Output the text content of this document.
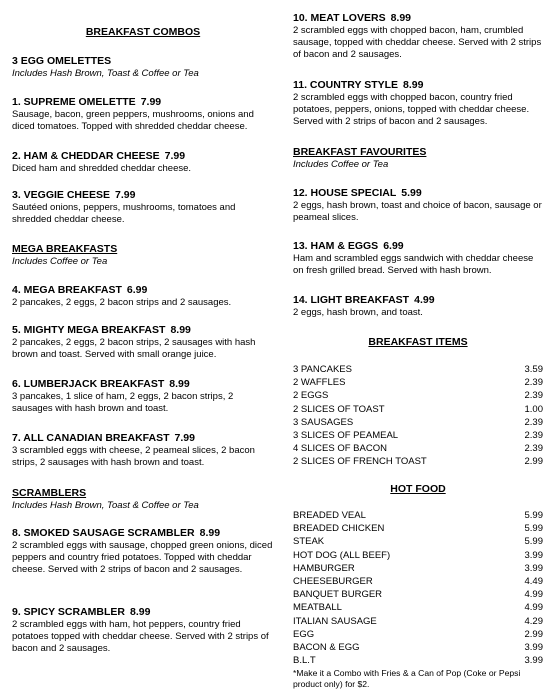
BREAKFAST COMBOS
3 EGG OMELETTES
Includes Hash Brown, Toast & Coffee or Tea
1. SUPREME OMELETTE 7.99
Sausage, bacon, green peppers, mushrooms, onions and diced tomatoes. Topped with shredded cheddar cheese.
2. HAM & CHEDDAR CHEESE 7.99
Diced ham and shredded cheddar cheese.
3. VEGGIE CHEESE 7.99
Sautéed onions, peppers, mushrooms, tomatoes and shredded cheddar cheese.
MEGA BREAKFASTS
Includes Coffee or Tea
4. MEGA BREAKFAST 6.99
2 pancakes, 2 eggs, 2 bacon strips and 2 sausages.
5. MIGHTY MEGA BREAKFAST 8.99
2 pancakes, 2 eggs, 2 bacon strips, 2 sausages with hash brown and toast. Served with small orange juice.
6. LUMBERJACK BREAKFAST 8.99
3 pancakes, 1 slice of ham, 2 eggs, 2 bacon strips, 2 sausages with hash brown and toast.
7. ALL CANADIAN BREAKFAST 7.99
3 scrambled eggs with cheese, 2 peameal slices, 2 bacon strips, 2 sausages with hash brown and toast.
SCRAMBLERS
Includes Hash Brown, Toast & Coffee or Tea
8. SMOKED SAUSAGE SCRAMBLER 8.99
2 scrambled eggs with sausage, chopped green onions, diced peppers and country fried potatoes. Topped with cheddar cheese. Served with 2 strips of bacon and 2 sausages.
9. SPICY SCRAMBLER 8.99
2 scrambled eggs with ham, hot peppers, country fried potatoes topped with cheddar cheese. Served with 2 strips of bacon and 2 sausages.
10. MEAT LOVERS 8.99
2 scrambled eggs with chopped bacon, ham, crumbled sausage, topped with cheddar cheese. Served with 2 strips of bacon and 2 sausages.
11. COUNTRY STYLE 8.99
2 scrambled eggs with chopped bacon, country fried potatoes, peppers, onions, topped with cheddar cheese. Served with 2 strips of bacon and 2 sausages.
BREAKFAST FAVOURITES
Includes Coffee or Tea
12. HOUSE SPECIAL 5.99
2 eggs, hash brown, toast and choice of bacon, sausage or peameal slices.
13. HAM & EGGS 6.99
Ham and scrambled eggs sandwich with cheddar cheese on fresh grilled bread. Served with hash brown.
14. LIGHT BREAKFAST 4.99
2 eggs, hash brown, and toast.
BREAKFAST ITEMS
3 PANCAKES	3.59
2 WAFFLES	2.39
2 EGGS	2.39
2 SLICES OF TOAST	1.00
3 SAUSAGES	2.39
3 SLICES OF PEAMEAL	2.39
4 SLICES OF BACON	2.39
2 SLICES OF FRENCH TOAST	2.99
HOT FOOD
BREADED VEAL	5.99
BREADED CHICKEN	5.99
STEAK	5.99
HOT DOG (ALL BEEF)	3.99
HAMBURGER	3.99
CHEESEBURGER	4.49
BANQUET BURGER	4.99
MEATBALL	4.99
ITALIAN SAUSAGE	4.29
EGG	2.99
BACON & EGG	3.99
B.L.T	3.99
*Make it a Combo with Fries & a Can of Pop (Coke or Pepsi product only) for $2.
